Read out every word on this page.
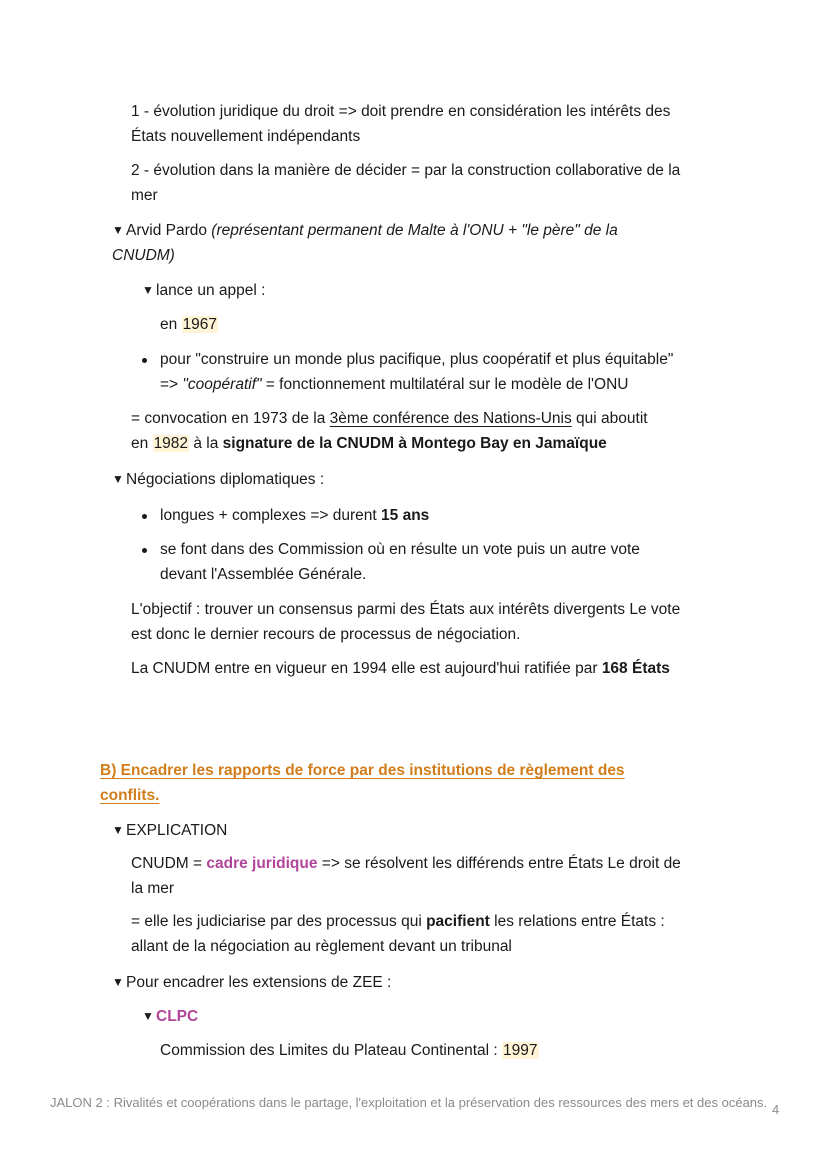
1 - évolution juridique du droit => doit prendre en considération les intérêts des
États nouvellement indépendants
2 - évolution dans la manière de décider = par la construction collaborative de la
mer
▼ Arvid Pardo (représentant permanent de Malte à l'ONU + "le père" de la
CNUDM)
▼ lance un appel :
en 1967
pour "construire un monde plus pacifique, plus coopératif et plus équitable"
=> "coopératif" = fonctionnement multilatéral sur le modèle de l'ONU
= convocation en 1973 de la 3ème conférence des Nations-Unis qui aboutit
en 1982 à la signature de la CNUDM à Montego Bay en Jamaïque
▼ Négociations diplomatiques :
longues + complexes => durent 15 ans
se font dans des Commission où en résulte un vote puis un autre vote
devant l'Assemblée Générale.
L'objectif : trouver un consensus parmi des États aux intérêts divergents Le vote
est donc le dernier recours de processus de négociation.
La CNUDM entre en vigueur en 1994 elle est aujourd'hui ratifiée par 168 États
B) Encadrer les rapports de force par des institutions de règlement des
conflits.
▼ EXPLICATION
CNUDM = cadre juridique => se résolvent les différends entre États Le droit de
la mer
= elle les judiciarise par des processus qui pacifient les relations entre États :
allant de la négociation au règlement devant un tribunal
▼ Pour encadrer les extensions de ZEE :
▼ CLPC
Commission des Limites du Plateau Continental : 1997
JALON 2 : Rivalités et coopérations dans le partage, l'exploitation et la préservation des ressources des mers et des océans. 4
